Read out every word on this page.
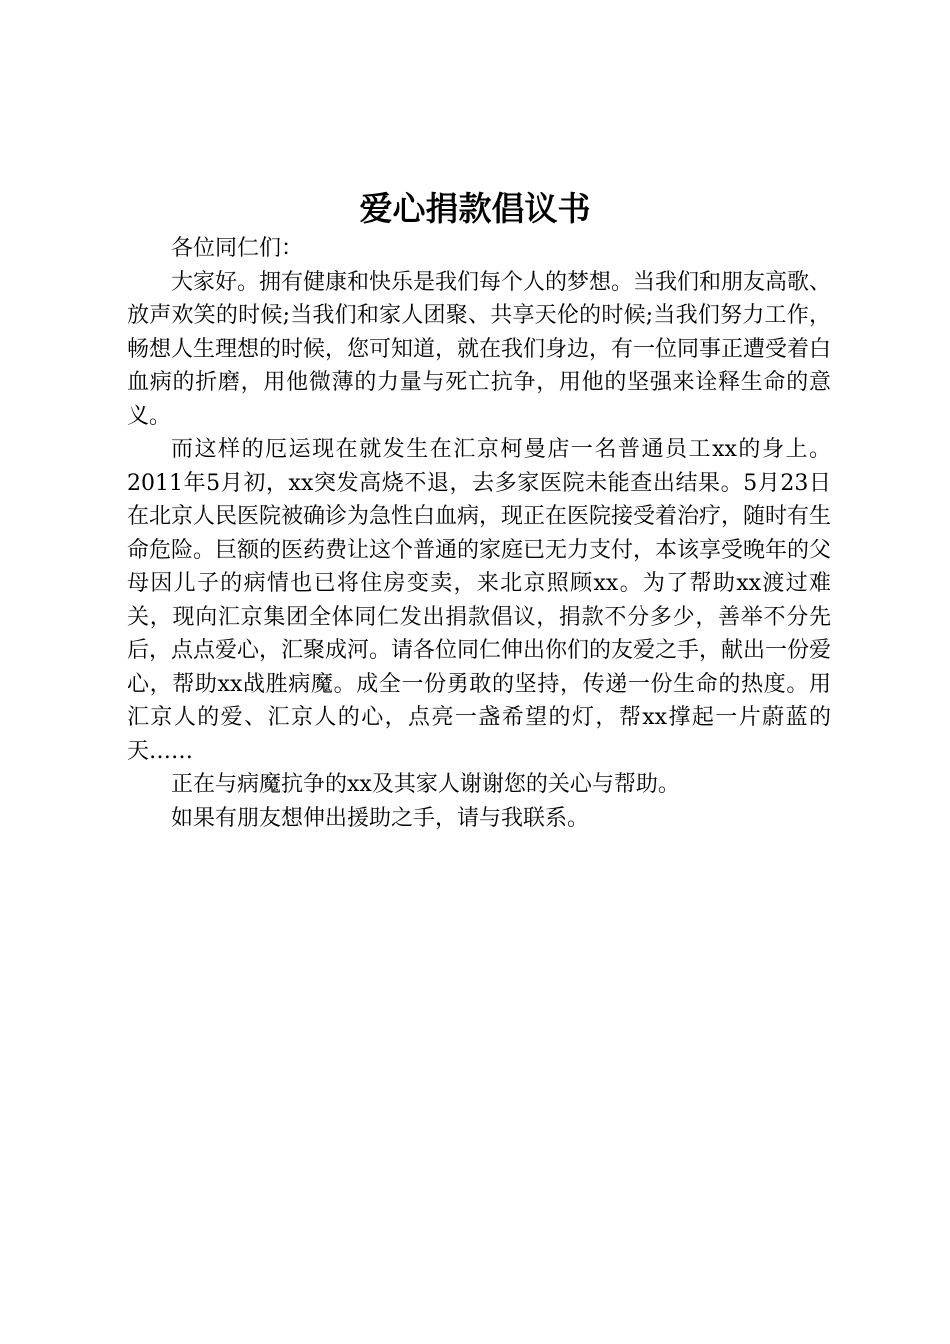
爱心捐款倡议书

各位同仁们：

大家好。拥有健康和快乐是我们每个人的梦想。当我们和朋友高歌、放声欢笑的时候;当我们和家人团聚、共享天伦的时候;当我们努力工作，畅想人生理想的时候，您可知道，就在我们身边，有一位同事正遭受着白血病的折磨，用他微薄的力量与死亡抗争，用他的坚强来诠释生命的意义。

而这样的厄运现在就发生在汇京柯曼店一名普通员工xx的身上。2011年5月初，xx突发高烧不退，去多家医院未能查出结果。5月23日在北京人民医院被确诊为急性白血病，现正在医院接受着治疗，随时有生命危险。巨额的医药费让这个普通的家庭已无力支付，本该享受晚年的父母因儿子的病情也已将住房变卖，来北京照顾xx。为了帮助xx渡过难关，现向汇京集团全体同仁发出捐款倡议，捐款不分多少，善举不分先后，点点爱心，汇聚成河。请各位同仁伸出你们的友爱之手，献出一份爱心，帮助xx战胜病魔。成全一份勇敢的坚持，传递一份生命的热度。用汇京人的爱、汇京人的心，点亮一盏希望的灯，帮xx撑起一片蔚蓝的天……

正在与病魔抗争的xx及其家人谢谢您的关心与帮助。

如果有朋友想伸出援助之手，请与我联系。
